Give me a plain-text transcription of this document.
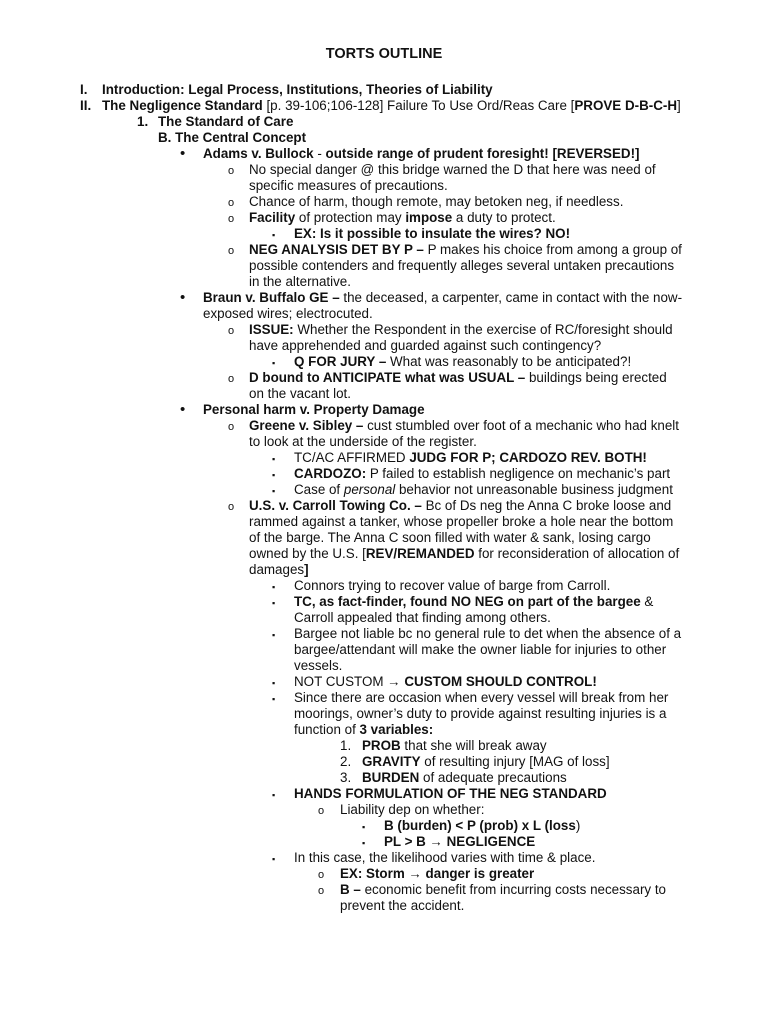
TORTS OUTLINE
I. Introduction: Legal Process, Institutions, Theories of Liability
II. The Negligence Standard [p. 39-106;106-128] Failure To Use Ord/Reas Care [PROVE D-B-C-H]
1. The Standard of Care
B. The Central Concept
• Adams v. Bullock - outside range of prudent foresight! [REVERSED!]
o No special danger @ this bridge warned the D that here was need of
specific measures of precautions.
o Chance of harm, though remote, may betoken neg, if needless.
o Facility of protection may impose a duty to protect.
▪ EX: Is it possible to insulate the wires? NO!
o NEG ANALYSIS DET BY P – P makes his choice from among a group of
possible contenders and frequently alleges several untaken precautions
in the alternative.
• Braun v. Buffalo GE – the deceased, a carpenter, came in contact with the now-
exposed wires; electrocuted.
o ISSUE: Whether the Respondent in the exercise of RC/foresight should
have apprehended and guarded against such contingency?
▪ Q FOR JURY – What was reasonably to be anticipated?!
o D bound to ANTICIPATE what was USUAL – buildings being erected
on the vacant lot.
• Personal harm v. Property Damage
o Greene v. Sibley – cust stumbled over foot of a mechanic who had knelt
to look at the underside of the register.
▪ TC/AC AFFIRMED JUDG FOR P; CARDOZO REV. BOTH!
▪ CARDOZO: P failed to establish negligence on mechanic’s part
▪ Case of personal behavior not unreasonable business judgment
o U.S. v. Carroll Towing Co. – Bc of Ds neg the Anna C broke loose and
rammed against a tanker, whose propeller broke a hole near the bottom
of the barge. The Anna C soon filled with water & sank, losing cargo
owned by the U.S. [REV/REMANDED for reconsideration of allocation of
damages]
▪ Connors trying to recover value of barge from Carroll.
▪ TC, as fact-finder, found NO NEG on part of the bargee &
Carroll appealed that finding among others.
▪ Bargee not liable bc no general rule to det when the absence of a
bargee/attendant will make the owner liable for injuries to other
vessels.
▪ NOT CUSTOM → CUSTOM SHOULD CONTROL!
▪ Since there are occasion when every vessel will break from her
moorings, owner’s duty to provide against resulting injuries is a
function of 3 variables:
1. PROB that she will break away
2. GRAVITY of resulting injury [MAG of loss]
3. BURDEN of adequate precautions
▪ HANDS FORMULATION OF THE NEG STANDARD
o Liability dep on whether:
▪ B (burden) < P (prob) x L (loss)
▪ PL > B → NEGLIGENCE
▪ In this case, the likelihood varies with time & place.
o EX: Storm → danger is greater
o B – economic benefit from incurring costs necessary to
prevent the accident.
